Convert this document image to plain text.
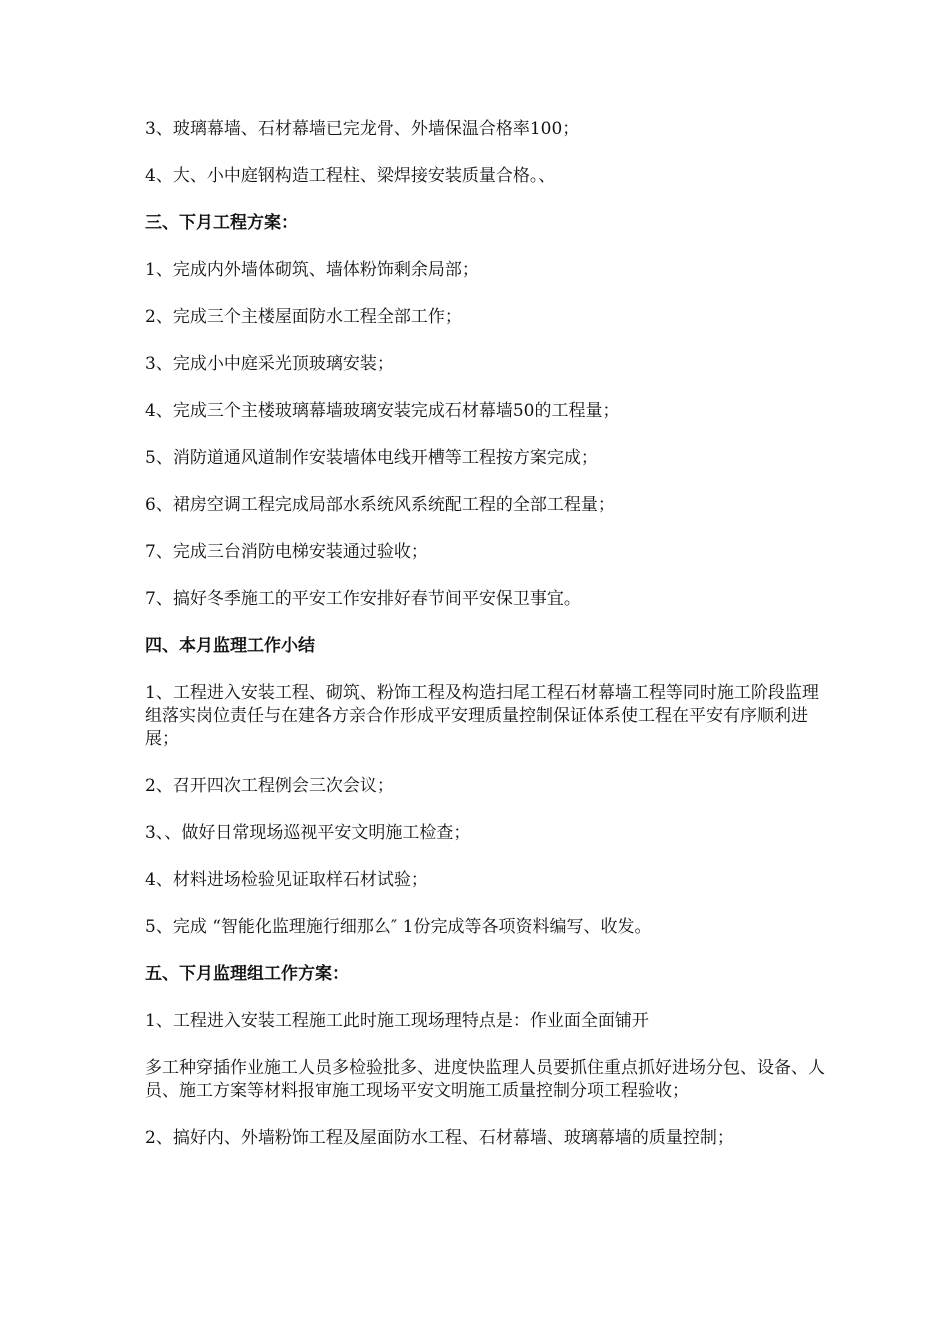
3、玻璃幕墙、石材幕墙已完龙骨、外墙保温合格率100；

4、大、小中庭钢构造工程柱、梁焊接安装质量合格。、

三、下月工程方案：

1、完成内外墙体砌筑、墙体粉饰剩余局部；

2、完成三个主楼屋面防水工程全部工作；

3、完成小中庭采光顶玻璃安装；

4、完成三个主楼玻璃幕墙玻璃安装完成石材幕墙50的工程量；

5、消防道通风道制作安装墙体电线开槽等工程按方案完成；

6、裙房空调工程完成局部水系统风系统配工程的全部工程量；

7、完成三台消防电梯安装通过验收；

7、搞好冬季施工的平安工作安排好春节间平安保卫事宜。

四、本月监理工作小结

1、工程进入安装工程、砌筑、粉饰工程及构造扫尾工程石材幕墙工程等同时施工阶段监理组落实岗位责任与在建各方亲合作形成平安理质量控制保证体系使工程在平安有序顺利进展；

2、召开四次工程例会三次会议；

3、、做好日常现场巡视平安文明施工检查；

4、材料进场检验见证取样石材试验；

5、完成 “智能化监理施行细那么″ 1份完成等各项资料编写、收发。

五、下月监理组工作方案：

1、工程进入安装工程施工此时施工现场理特点是：作业面全面铺开

多工种穿插作业施工人员多检验批多、进度快监理人员要抓住重点抓好进场分包、设备、人员、施工方案等材料报审施工现场平安文明施工质量控制分项工程验收；

2、搞好内、外墙粉饰工程及屋面防水工程、石材幕墙、玻璃幕墙的质量控制；
